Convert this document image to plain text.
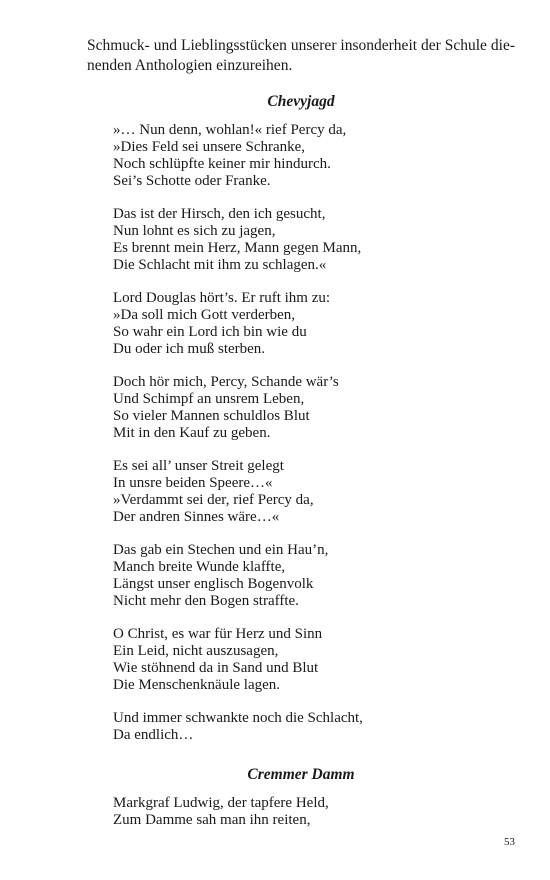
Schmuck- und Lieblingsstücken unserer insonderheit der Schule die-
nenden Anthologien einzureihen.

Chevyjagd
»… Nun denn, wohlan!« rief Percy da,
»Dies Feld sei unsere Schranke,
Noch schlüpfte keiner mir hindurch.
Sei’s Schotte oder Franke.
Das ist der Hirsch, den ich gesucht,
Nun lohnt es sich zu jagen,
Es brennt mein Herz, Mann gegen Mann,
Die Schlacht mit ihm zu schlagen.«
Lord Douglas hört’s. Er ruft ihm zu:
»Da soll mich Gott verderben,
So wahr ein Lord ich bin wie du
Du oder ich muß sterben.
Doch hör mich, Percy, Schande wär’s
Und Schimpf an unsrem Leben,
So vieler Mannen schuldlos Blut
Mit in den Kauf zu geben.
Es sei all’ unser Streit gelegt
In unsre beiden Speere…«
»Verdammt sei der, rief Percy da,
Der andren Sinnes wäre…«
Das gab ein Stechen und ein Hau’n,
Manch breite Wunde klaffte,
Längst unser englisch Bogenvolk
Nicht mehr den Bogen straffte.
O Christ, es war für Herz und Sinn
Ein Leid, nicht auszusagen,
Wie stöhnend da in Sand und Blut
Die Menschenknäule lagen.
Und immer schwankte noch die Schlacht,
Da endlich…
Cremmer Damm
Markgraf Ludwig, der tapfere Held,
Zum Damme sah man ihn reiten,

53
